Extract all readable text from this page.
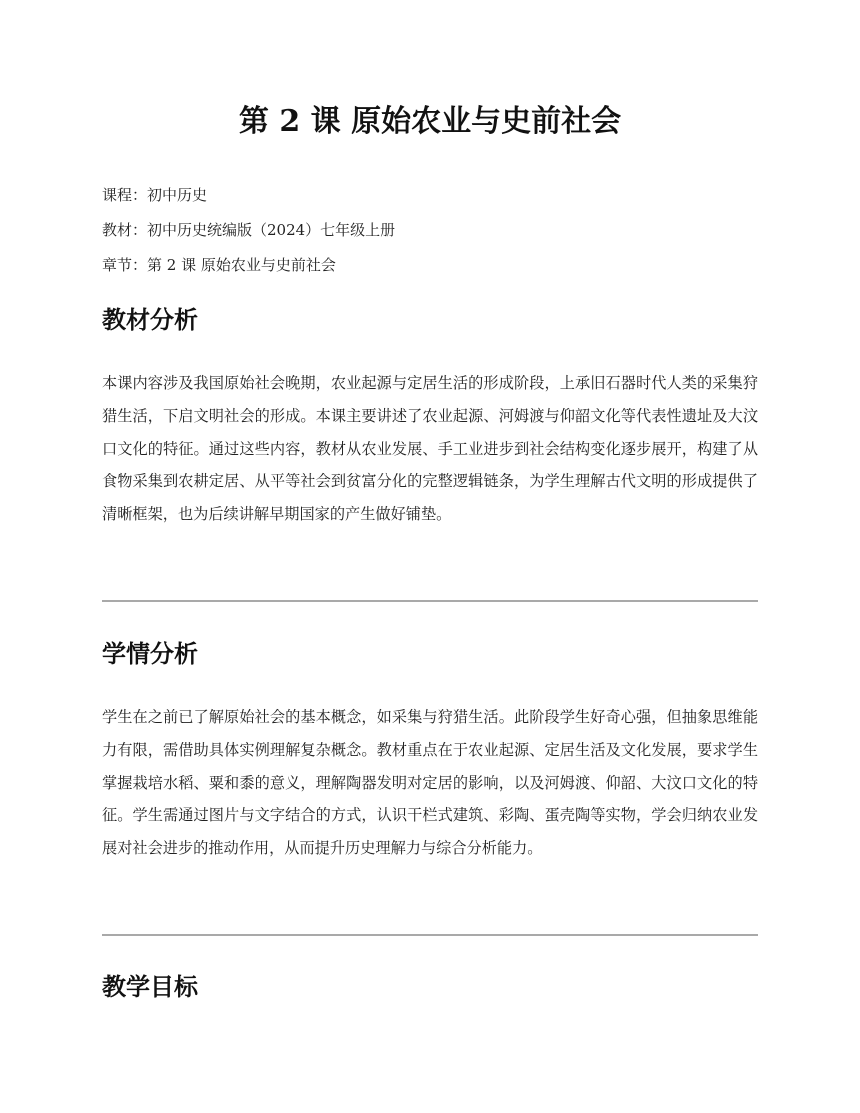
第 2 课 原始农业与史前社会
课程：初中历史
教材：初中历史统编版（2024）七年级上册
章节：第 2 课 原始农业与史前社会
教材分析

本课内容涉及我国原始社会晚期，农业起源与定居生活的形成阶段，上承旧石器时代人类的采集狩猎生活，下启文明社会的形成。本课主要讲述了农业起源、河姆渡与仰韶文化等代表性遗址及大汶口文化的特征。通过这些内容，教材从农业发展、手工业进步到社会结构变化逐步展开，构建了从食物采集到农耕定居、从平等社会到贫富分化的完整逻辑链条，为学生理解古代文明的形成提供了清晰框架，也为后续讲解早期国家的产生做好铺垫。

学情分析

学生在之前已了解原始社会的基本概念，如采集与狩猎生活。此阶段学生好奇心强，但抽象思维能力有限，需借助具体实例理解复杂概念。教材重点在于农业起源、定居生活及文化发展，要求学生掌握栽培水稻、粟和黍的意义，理解陶器发明对定居的影响，以及河姆渡、仰韶、大汶口文化的特征。学生需通过图片与文字结合的方式，认识干栏式建筑、彩陶、蛋壳陶等实物，学会归纳农业发展对社会进步的推动作用，从而提升历史理解力与综合分析能力。

教学目标
